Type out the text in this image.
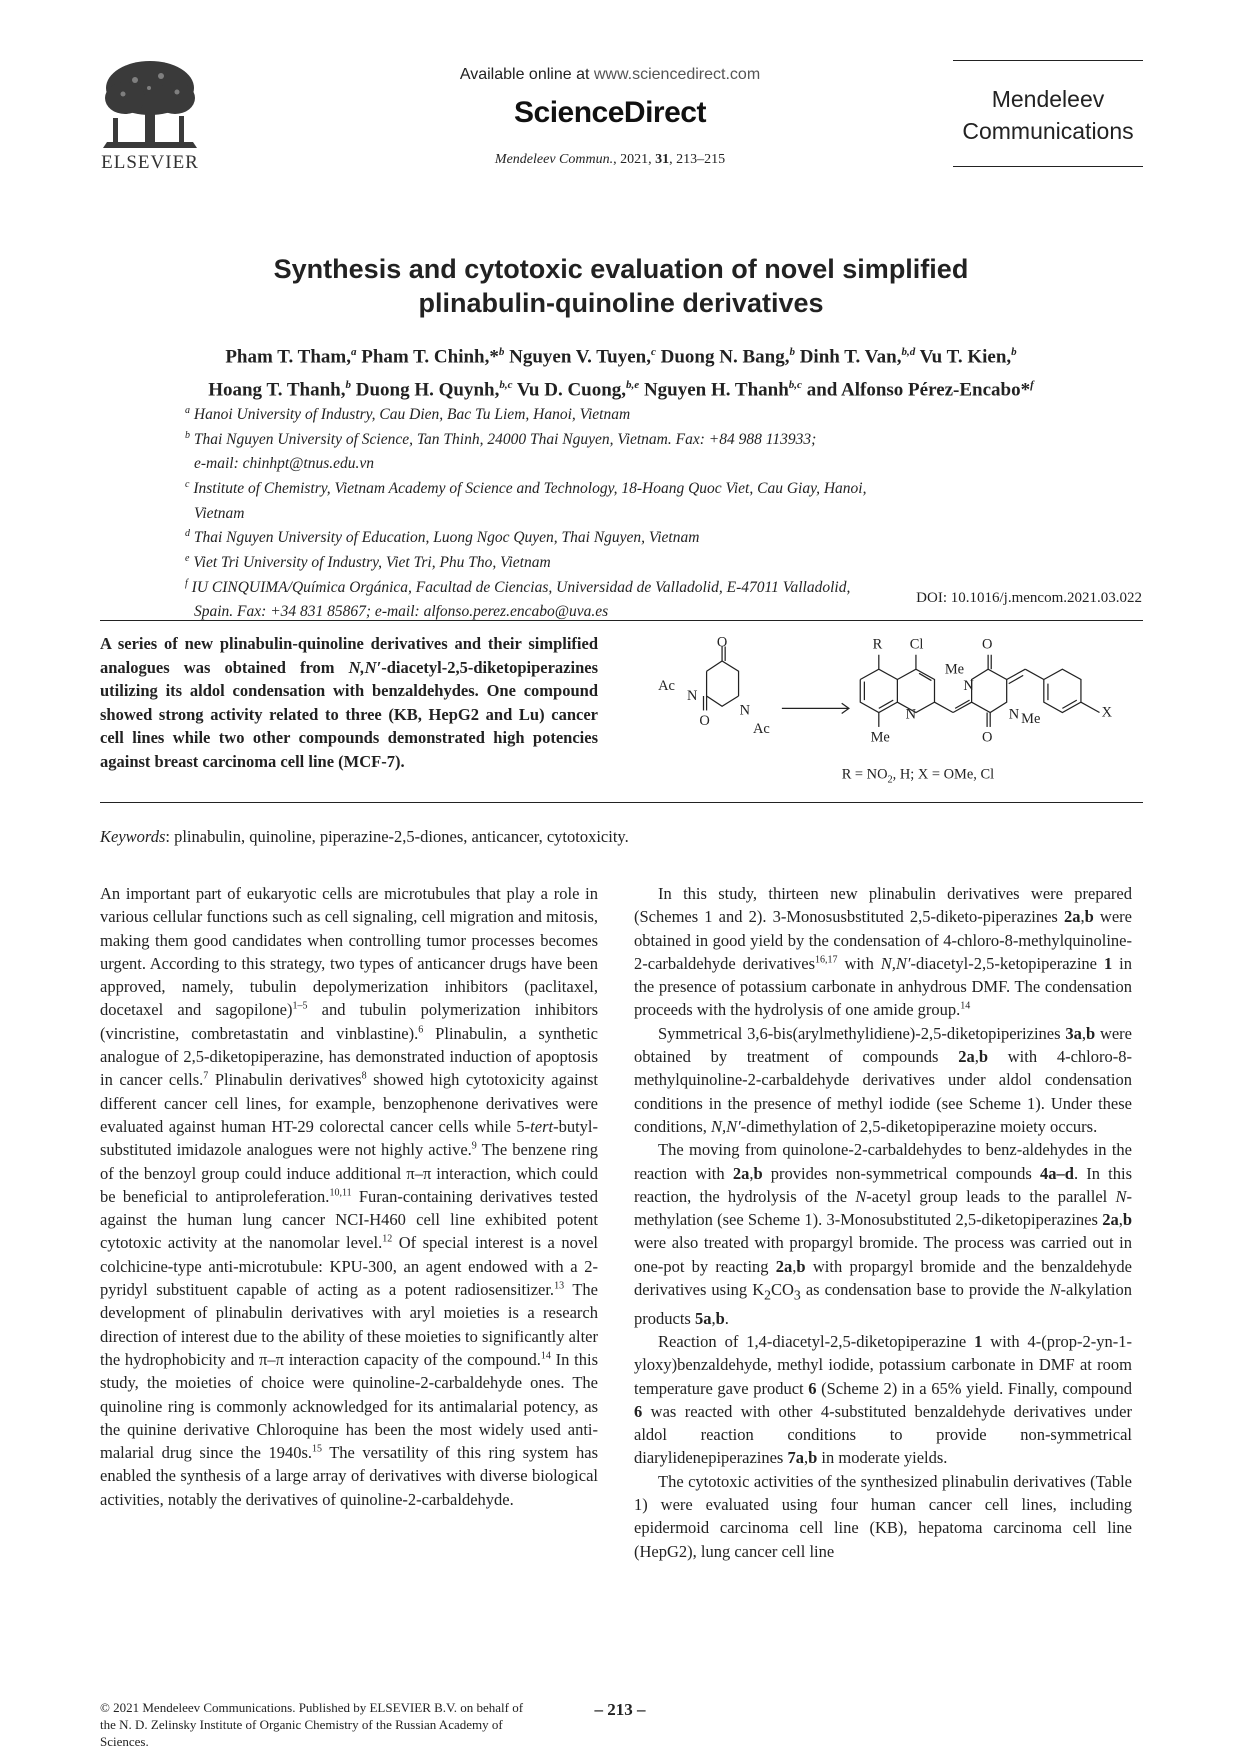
ELSEVIER
Available online at www.sciencedirect.com
ScienceDirect
Mendeleev Commun., 2021, 31, 213–215
Mendeleev
Communications
Synthesis and cytotoxic evaluation of novel simplified
plinabulin-quinoline derivatives
Pham T. Tham,$^a$ Pham T. Chinh,*$^b$ Nguyen V. Tuyen,$^c$ Duong N. Bang,$^b$ Dinh T. Van,$^{b,d}$ Vu T. Kien,$^b$
Hoang T. Thanh,$^b$ Duong H. Quynh,$^{b,c}$ Vu D. Cuong,$^{b,e}$ Nguyen H. Thanh$^{b,c}$ and Alfonso Pérez-Encabo*$^f$
$^a$ Hanoi University of Industry, Cau Dien, Bac Tu Liem, Hanoi, Vietnam
$^b$ Thai Nguyen University of Science, Tan Thinh, 24000 Thai Nguyen, Vietnam. Fax: +84 988 113933;
e-mail: chinhpt@tnus.edu.vn
$^c$ Institute of Chemistry, Vietnam Academy of Science and Technology, 18-Hoang Quoc Viet, Cau Giay, Hanoi,
Vietnam
$^d$ Thai Nguyen University of Education, Luong Ngoc Quyen, Thai Nguyen, Vietnam
$^e$ Viet Tri University of Industry, Viet Tri, Phu Tho, Vietnam
$^f$ IU CINQUIMA/Química Orgánica, Facultad de Ciencias, Universidad de Valladolid, E-47011 Valladolid,
Spain. Fax: +34 831 85867; e-mail: alfonso.perez.encabo@uva.es
DOI: 10.1016/j.mencom.2021.03.022
A series of new plinabulin-quinoline derivatives and their simplified analogues was obtained from N,N′-diacetyl-2,5-diketopiperazines utilizing its aldol condensation with benzaldehydes. One compound showed strong activity related to three (KB, HepG2 and Lu) cancer cell lines while two other compounds demonstrated high potencies against breast carcinoma cell line (MCF-7).
O
O
Ac
N
N
Ac
R Cl
Me
N
Me
N
O
O
N Me	X
$R = NO_2$, H; X = OMe, Cl
Keywords: plinabulin, quinoline, piperazine-2,5-diones, anticancer, cytotoxicity.

An important part of eukaryotic cells are microtubules that play a role in various cellular functions such as cell signaling, cell migration and mitosis, making them good candidates when controlling tumor processes becomes urgent. According to this strategy, two types of anticancer drugs have been approved, namely, tubulin depolymerization inhibitors (paclitaxel, docetaxel and sagopilone)$^{1-5}$ and tubulin polymerization inhibitors (vincristine, combretastatin and vinblastine).$^6$ Plinabulin, a synthetic analogue of 2,5-diketopiperazine, has demonstrated induction of apoptosis in cancer cells.$^7$ Plinabulin derivatives$^8$ showed high cytotoxicity against different cancer cell lines, for example, benzophenone derivatives were evaluated against human HT-29 colorectal cancer cells while 5-tert-butyl-substituted imidazole analogues were not highly active.$^9$ The benzene ring of the benzoyl group could induce additional π–π interaction, which could be beneficial to antiproleferation.$^{10,11}$ Furan-containing derivatives tested against the human lung cancer NCI-H460 cell line exhibited potent cytotoxic activity at the nanomolar level.$^{12}$ Of special interest is a novel colchicine-type anti-microtubule: KPU-300, an agent endowed with a 2-pyridyl substituent capable of acting as a potent radiosensitizer.$^{13}$ The development of plinabulin derivatives with aryl moieties is a research direction of interest due to the ability of these moieties to significantly alter the hydrophobicity and π–π interaction capacity of the compound.$^{14}$ In this study, the moieties of choice were quinoline-2-carbaldehyde ones. The quinoline ring is commonly acknowledged for its antimalarial potency, as the quinine derivative Chloroquine has been the most widely used anti-malarial drug since the 1940s.$^{15}$ The versatility of this ring system has enabled the synthesis of a large array of derivatives with diverse biological activities, notably the derivatives of quinoline-2-carbaldehyde.

In this study, thirteen new plinabulin derivatives were prepared (Schemes 1 and 2). 3-Monosusbstituted 2,5-diketo-piperazines 2a,b were obtained in good yield by the condensation of 4-chloro-8-methylquinoline-2-carbaldehyde derivatives$^{16,17}$ with N,N′-diacetyl-2,5-ketopiperazine 1 in the presence of potassium carbonate in anhydrous DMF. The condensation proceeds with the hydrolysis of one amide group.$^{14}$

Symmetrical 3,6-bis(arylmethylidiene)-2,5-diketopiperizines 3a,b were obtained by treatment of compounds 2a,b with 4-chloro-8-methylquinoline-2-carbaldehyde derivatives under aldol condensation conditions in the presence of methyl iodide (see Scheme 1). Under these conditions, N,N′-dimethylation of 2,5-diketopiperazine moiety occurs.

The moving from quinolone-2-carbaldehydes to benz-aldehydes in the reaction with 2a,b provides non-symmetrical compounds 4a–d. In this reaction, the hydrolysis of the N-acetyl group leads to the parallel N-methylation (see Scheme 1). 3-Monosubstituted 2,5-diketopiperazines 2a,b were also treated with propargyl bromide. The process was carried out in one-pot by reacting 2a,b with propargyl bromide and the benzaldehyde derivatives using $K_2CO_3$ as condensation base to provide the N-alkylation products 5a,b.

Reaction of 1,4-diacetyl-2,5-diketopiperazine 1 with 4-(prop-2-yn-1-yloxy)benzaldehyde, methyl iodide, potassium carbonate in DMF at room temperature gave product 6 (Scheme 2) in a 65% yield. Finally, compound 6 was reacted with other 4-substituted benzaldehyde derivatives under aldol reaction conditions to provide non-symmetrical diarylidenepiperazines 7a,b in moderate yields.

The cytotoxic activities of the synthesized plinabulin derivatives (Table 1) were evaluated using four human cancer cell lines, including epidermoid carcinoma cell line (KB), hepatoma carcinoma cell line (HepG2), lung cancer cell line

© 2021 Mendeleev Communications. Published by ELSEVIER B.V. on behalf of the N. D. Zelinsky Institute of Organic Chemistry of the Russian Academy of Sciences.
– 213 –
